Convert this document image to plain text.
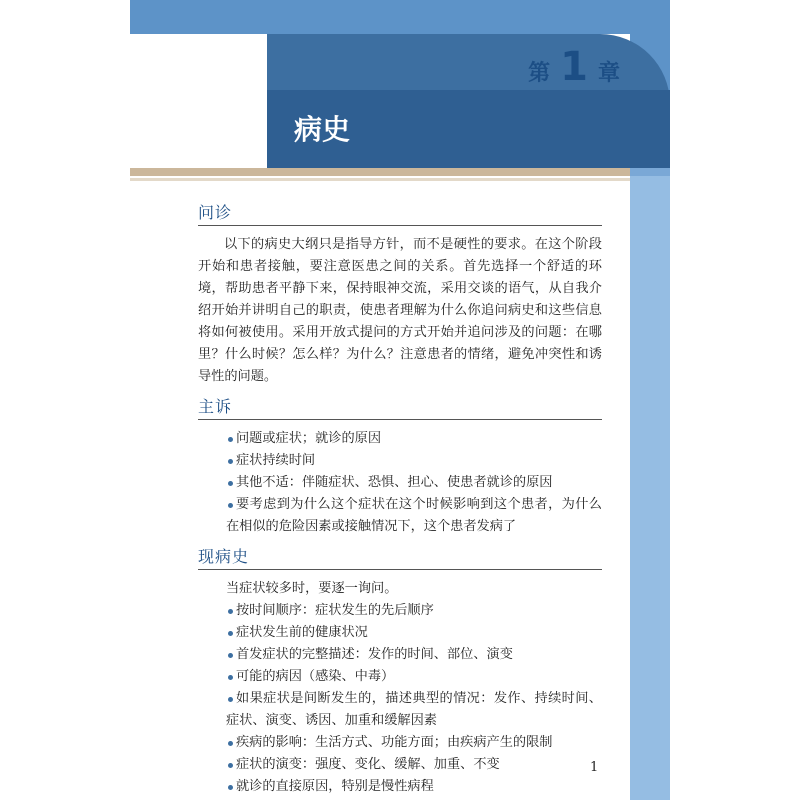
第 1 章
病史
问诊

以下的病史大纲只是指导方针，而不是硬性的要求。在这个阶段开始和患者接触，要注意医患之间的关系。首先选择一个舒适的环境，帮助患者平静下来，保持眼神交流，采用交谈的语气，从自我介绍开始并讲明自己的职责，使患者理解为什么你追问病史和这些信息将如何被使用。采用开放式提问的方式开始并追问涉及的问题：在哪里？什么时候？怎么样？为什么？注意患者的情绪，避免冲突性和诱导性的问题。

主诉
问题或症状；就诊的原因
症状持续时间
其他不适：伴随症状、恐惧、担心、使患者就诊的原因
要考虑到为什么这个症状在这个时候影响到这个患者，为什么在相似的危险因素或接触情况下，这个患者发病了
现病史

当症状较多时，要逐一询问。

按时间顺序：症状发生的先后顺序
症状发生前的健康状况
首发症状的完整描述：发作的时间、部位、演变
可能的病因（感染、中毒）
如果症状是间断发生的，描述典型的情况：发作、持续时间、症状、演变、诱因、加重和缓解因素
疾病的影响：生活方式、功能方面；由疾病产生的限制
症状的演变：强度、变化、缓解、加重、不变
就诊的直接原因，特别是慢性病程
1
